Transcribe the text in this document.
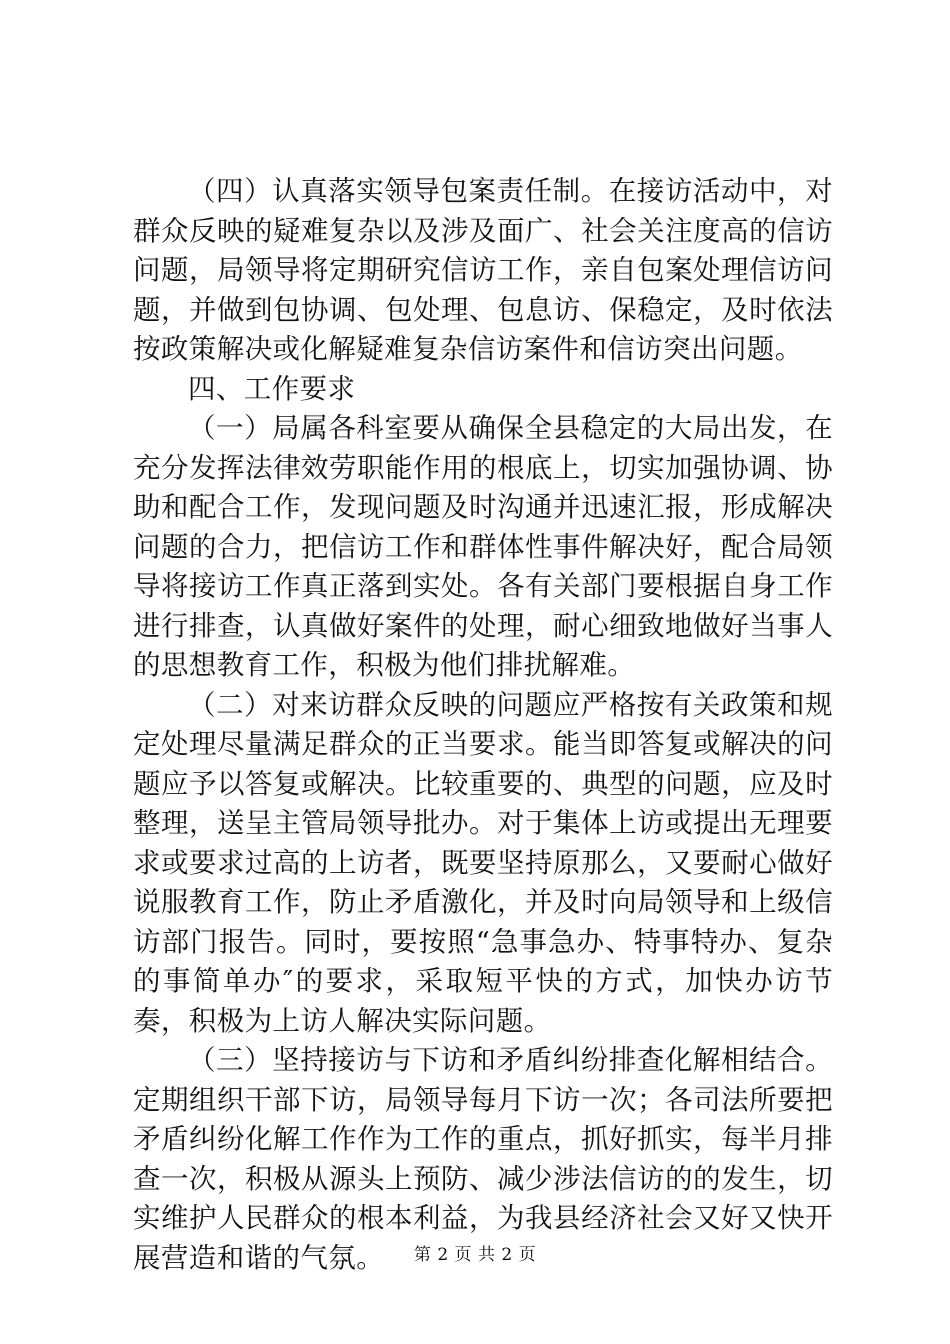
（四）认真落实领导包案责任制。在接访活动中，对群众反映的疑难复杂以及涉及面广、社会关注度高的信访问题，局领导将定期研究信访工作，亲自包案处理信访问题，并做到包协调、包处理、包息访、保稳定，及时依法按政策解决或化解疑难复杂信访案件和信访突出问题。

四、工作要求

（一）局属各科室要从确保全县稳定的大局出发，在充分发挥法律效劳职能作用的根底上，切实加强协调、协助和配合工作，发现问题及时沟通并迅速汇报，形成解决问题的合力，把信访工作和群体性事件解决好，配合局领导将接访工作真正落到实处。各有关部门要根据自身工作进行排查，认真做好案件的处理，耐心细致地做好当事人的思想教育工作，积极为他们排扰解难。

（二）对来访群众反映的问题应严格按有关政策和规定处理尽量满足群众的正当要求。能当即答复或解决的问题应予以答复或解决。比较重要的、典型的问题，应及时整理，送呈主管局领导批办。对于集体上访或提出无理要求或要求过高的上访者，既要坚持原那么，又要耐心做好说服教育工作，防止矛盾激化，并及时向局领导和上级信访部门报告。同时，要按照“急事急办、特事特办、复杂的事简单办″的要求，采取短平快的方式，加快办访节奏，积极为上访人解决实际问题。

（三）坚持接访与下访和矛盾纠纷排查化解相结合。定期组织干部下访，局领导每月下访一次；各司法所要把矛盾纠纷化解工作作为工作的重点，抓好抓实，每半月排查一次，积极从源头上预防、减少涉法信访的的发生，切实维护人民群众的根本利益，为我县经济社会又好又快开展营造和谐的气氛。	第 2 页 共 2 页
